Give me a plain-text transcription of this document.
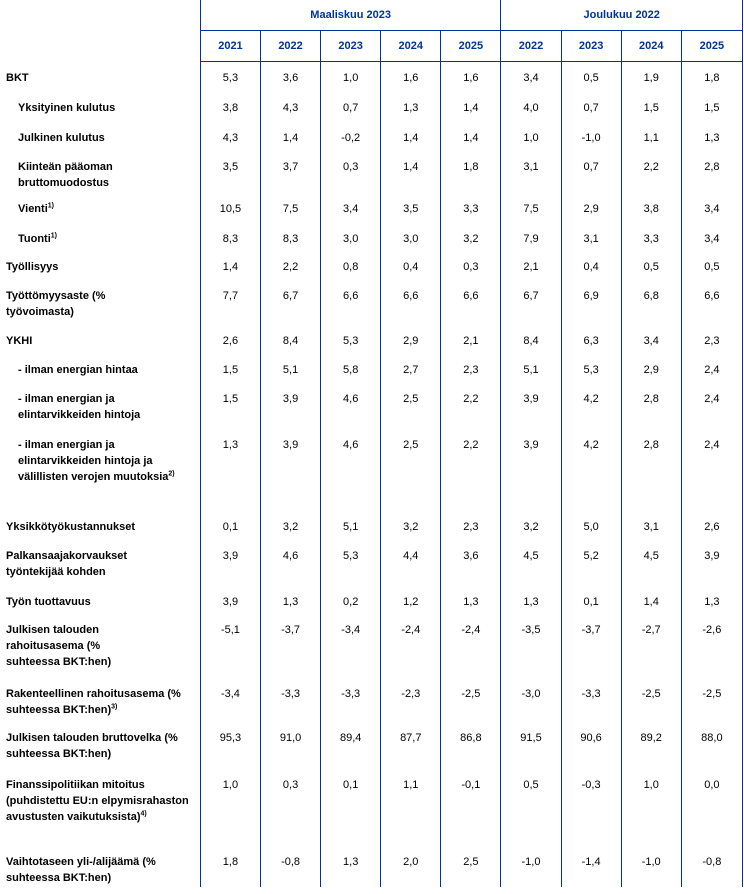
	Maaliskuu 2023					Joulukuu 2022			
	2021	2022	2023	2024	2025	2022	2023	2024	2025
BKT	5,3	3,6	1,0	1,6	1,6	3,4	0,5	1,9	1,8
Yksityinen kulutus	3,8	4,3	0,7	1,3	1,4	4,0	0,7	1,5	1,5
Julkinen kulutus	4,3	1,4	-0,2	1,4	1,4	1,0	-1,0	1,1	1,3
Kiinteän pääoman bruttomuodostus	3,5	3,7	0,3	1,4	1,8	3,1	0,7	2,2	2,8
Vienti$^{1)}$	10,5	7,5	3,4	3,5	3,3	7,5	2,9	3,8	3,4
Tuonti$^{1)}$	8,3	8,3	3,0	3,0	3,2	7,9	3,1	3,3	3,4
Työllisyys	1,4	2,2	0,8	0,4	0,3	2,1	0,4	0,5	0,5
Työttömyysaste (% työvoimasta)	7,7	6,7	6,6	6,6	6,6	6,7	6,9	6,8	6,6
YKHI	2,6	8,4	5,3	2,9	2,1	8,4	6,3	3,4	2,3
- ilman energian hintaa	1,5	5,1	5,8	2,7	2,3	5,1	5,3	2,9	2,4
- ilman energian ja elintarvikkeiden hintoja	1,5	3,9	4,6	2,5	2,2	3,9	4,2	2,8	2,4
- ilman energian ja elintarvikkeiden hintoja ja välillisten verojen muutoksia$^{2)}$	1,3	3,9	4,6	2,5	2,2	3,9	4,2	2,8	2,4
Yksikkötyökustannukset	0,1	3,2	5,1	3,2	2,3	3,2	5,0	3,1	2,6
Palkansaajakorvaukset työntekijää kohden	3,9	4,6	5,3	4,4	3,6	4,5	5,2	4,5	3,9
Työn tuottavuus	3,9	1,3	0,2	1,2	1,3	1,3	0,1	1,4	1,3
Julkisen talouden rahoitusasema (% suhteessa BKT:hen)	-5,1	-3,7	-3,4	-2,4	-2,4	-3,5	-3,7	-2,7	-2,6
Rakenteellinen rahoitusasema (% suhteessa BKT:hen)$^{3)}$	-3,4	-3,3	-3,3	-2,3	-2,5	-3,0	-3,3	-2,5	-2,5
Julkisen talouden bruttovelka (% suhteessa BKT:hen)	95,3	91,0	89,4	87,7	86,8	91,5	90,6	89,2	88,0
Finanssipolitiikan mitoitus (puhdistettu EU:n elpymisrahaston avustusten vaikutuksista)$^{4)}$	1,0	0,3	0,1	1,1	-0,1	0,5	-0,3	1,0	0,0
Vaihtotaseen yli-/alijäämä (% suhteessa BKT:hen)	1,8	-0,8	1,3	2,0	2,5	-1,0	-1,4	-1,0	-0,8
